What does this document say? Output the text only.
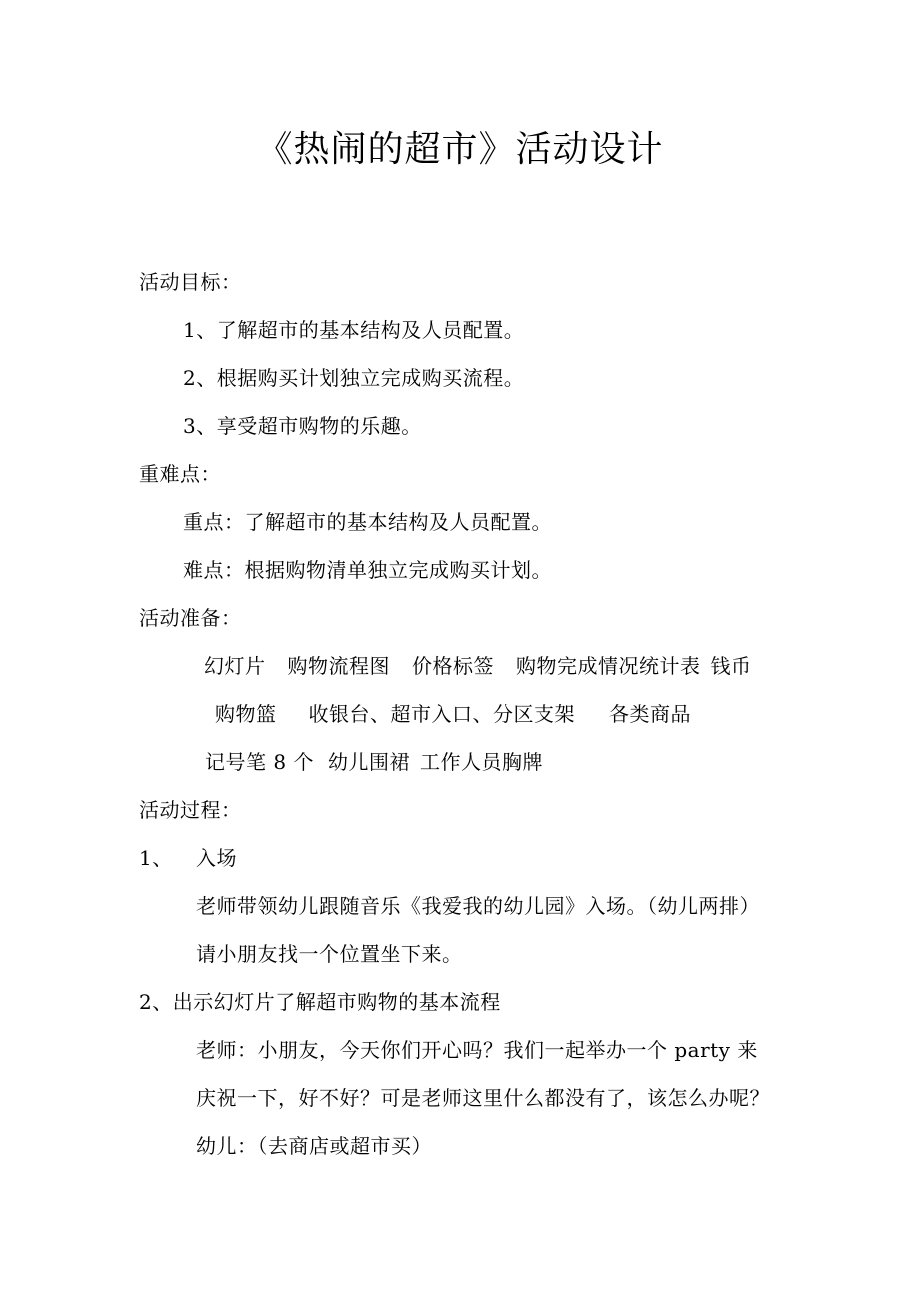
《热闹的超市》活动设计
活动目标：
1、了解超市的基本结构及人员配置。
2、根据购买计划独立完成购买流程。
3、享受超市购物的乐趣。
重难点：
重点：了解超市的基本结构及人员配置。
难点：根据购物清单独立完成购买计划。
活动准备：
幻灯片 购物流程图 价格标签 购物完成情况统计表 钱币
购物篮 收银台、超市入口、分区支架 各类商品
记号笔 8 个 幼儿围裙 工作人员胸牌
活动过程：
1、 入场
老师带领幼儿跟随音乐《我爱我的幼儿园》入场。（幼儿两排）
请小朋友找一个位置坐下来。
2、出示幻灯片了解超市购物的基本流程
老师：小朋友，今天你们开心吗？我们一起举办一个 party 来
庆祝一下，好不好？可是老师这里什么都没有了，该怎么办呢？
幼儿：（去商店或超市买）
